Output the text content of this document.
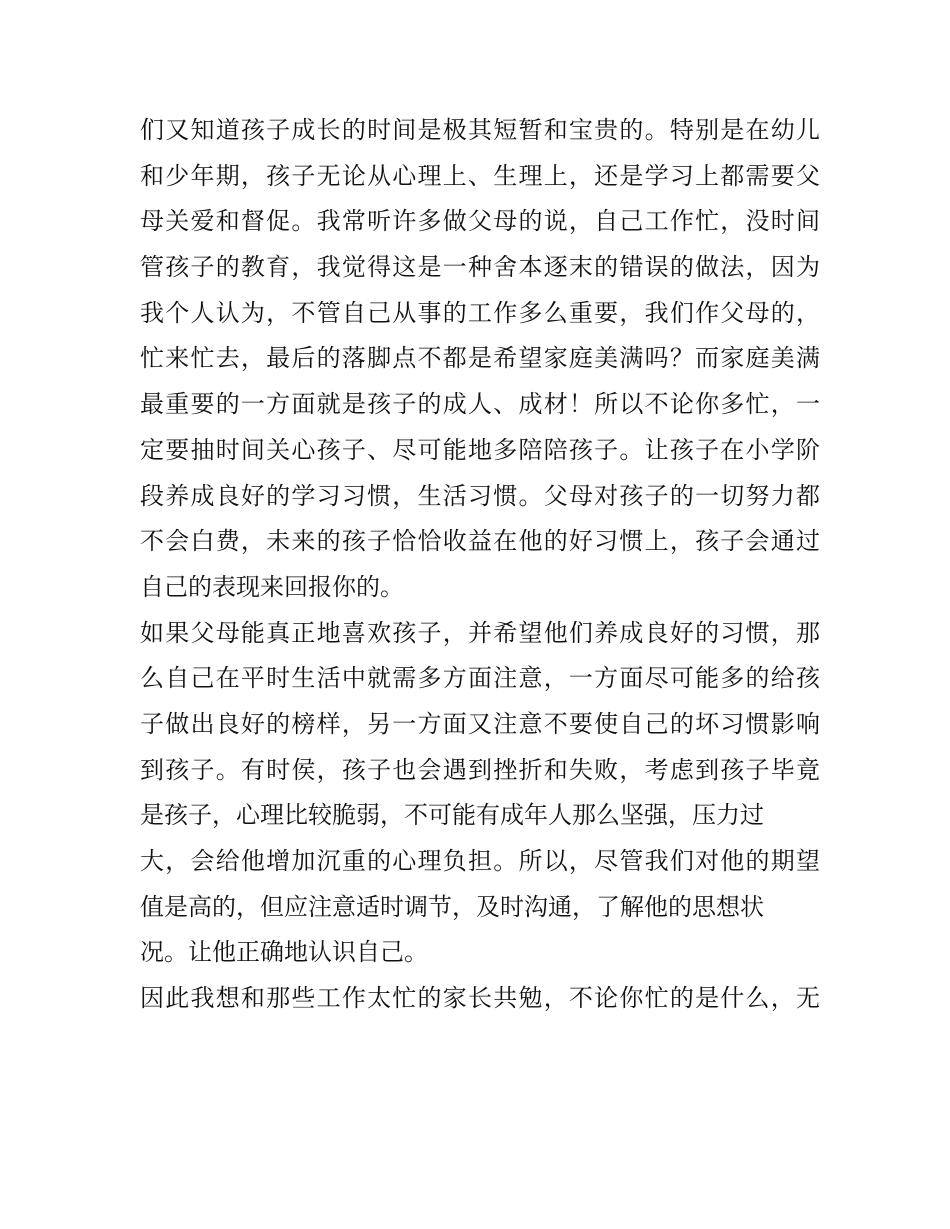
们又知道孩子成长的时间是极其短暂和宝贵的。特别是在幼儿
和少年期，孩子无论从心理上、生理上，还是学习上都需要父
母关爱和督促。我常听许多做父母的说，自己工作忙，没时间
管孩子的教育，我觉得这是一种舍本逐末的错误的做法，因为
我个人认为，不管自己从事的工作多么重要，我们作父母的，
忙来忙去，最后的落脚点不都是希望家庭美满吗？而家庭美满
最重要的一方面就是孩子的成人、成材！所以不论你多忙，一
定要抽时间关心孩子、尽可能地多陪陪孩子。让孩子在小学阶
段养成良好的学习习惯，生活习惯。父母对孩子的一切努力都
不会白费，未来的孩子恰恰收益在他的好习惯上，孩子会通过
自己的表现来回报你的。
如果父母能真正地喜欢孩子，并希望他们养成良好的习惯，那
么自己在平时生活中就需多方面注意，一方面尽可能多的给孩
子做出良好的榜样，另一方面又注意不要使自己的坏习惯影响
到孩子。有时侯，孩子也会遇到挫折和失败，考虑到孩子毕竟
是孩子，心理比较脆弱，不可能有成年人那么坚强，压力过
大，会给他增加沉重的心理负担。所以，尽管我们对他的期望
值是高的，但应注意适时调节，及时沟通，了解他的思想状
况。让他正确地认识自己。
因此我想和那些工作太忙的家长共勉，不论你忙的是什么，无
